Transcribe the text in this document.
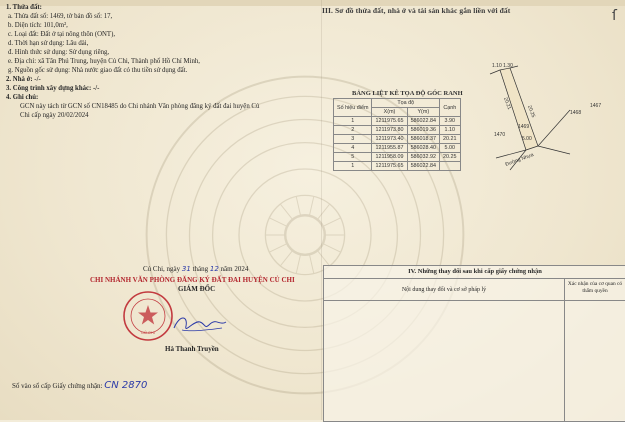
III. Sơ đồ thửa đất, nhà ở và tài sản khác gắn liền với đất	ſ
1. Thửa đất:
a. Thửa đất số: 1469, tờ bản đồ số: 17,
b. Diện tích: 101,0m²,
c. Loại đất: Đất ở tại nông thôn (ONT),
d. Thời hạn sử dụng: Lâu dài,
đ. Hình thức sử dụng: Sử dụng riêng,
e. Địa chỉ: xã Tân Phú Trung, huyện Củ Chi, Thành phố Hồ Chí Minh,
g. Nguồn gốc sử dụng: Nhà nước giao đất có thu tiền sử dụng đất.
2. Nhà ở: -/-
3. Công trình xây dựng khác: -/-
4. Ghi chú:
GCN này tách từ GCN số CN18485 do Chi nhánh Văn phòng đăng ký đất đai huyện Củ
Chi cấp ngày 20/02/2024
BẢNG LIỆT KÊ TỌA ĐỘ GÓC RANH
Số hiệu điểm	Tọa độ		Cạnh
	X(m)	Y(m)	
1	1211975.65	586022.84	3.90
2	1211973.80	586019.36	1.10
3	1211973.40	586018.37	20.21
4	1211955.87	586028.40	5.00
5	1211958.09	586032.92	20.25
1	1211975.65	586022.84	
1.10 1.30
20.21
20.25	1467
1468
1469
1470
5.00
Đường Nhựa
Củ Chi, ngày 31 tháng 12 năm 2024
CHI NHÁNH VĂN PHÒNG ĐĂNG KÝ ĐẤT ĐAI HUYỆN CỦ CHI
GIÁM ĐỐC
CỦ CHI
Hà Thanh Truyền
Số vào sổ cấp Giấy chứng nhận: CN 2870
IV. Những thay đổi sau khi cấp giấy chứng nhận
Nội dung thay đổi và cơ sở pháp lý
Xác nhận của cơ quan có thẩm quyền
